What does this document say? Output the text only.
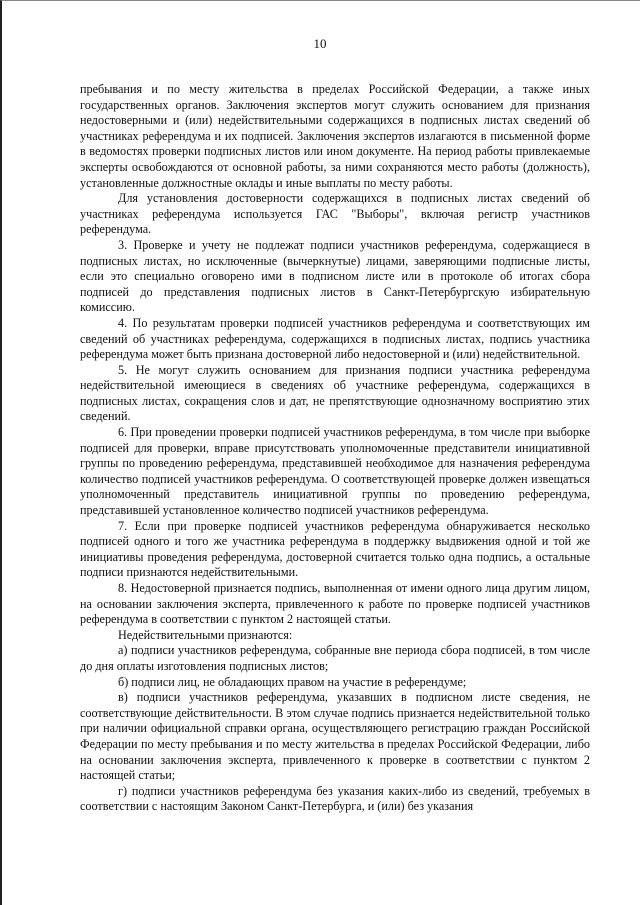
10

пребывания и по месту жительства в пределах Российской Федерации, а также иных государственных органов. Заключения экспертов могут служить основанием для признания недостоверными и (или) недействительными содержащихся в подписных листах сведений об участниках референдума и их подписей. Заключения экспертов излагаются в письменной форме в ведомостях проверки подписных листов или ином документе. На период работы привлекаемые эксперты освобождаются от основной работы, за ними сохраняются место работы (должность), установленные должностные оклады и иные выплаты по месту работы.

Для установления достоверности содержащихся в подписных листах сведений об участниках референдума используется ГАС "Выборы", включая регистр участников референдума.

3. Проверке и учету не подлежат подписи участников референдума, содержащиеся в подписных листах, но исключенные (вычеркнутые) лицами, заверяющими подписные листы, если это специально оговорено ими в подписном листе или в протоколе об итогах сбора подписей до представления подписных листов в Санкт-Петербургскую избирательную комиссию.

4. По результатам проверки подписей участников референдума и соответствующих им сведений об участниках референдума, содержащихся в подписных листах, подпись участника референдума может быть признана достоверной либо недостоверной и (или) недействительной.

5. Не могут служить основанием для признания подписи участника референдума недействительной имеющиеся в сведениях об участнике референдума, содержащихся в подписных листах, сокращения слов и дат, не препятствующие однозначному восприятию этих сведений.

6. При проведении проверки подписей участников референдума, в том числе при выборке подписей для проверки, вправе присутствовать уполномоченные представители инициативной группы по проведению референдума, представившей необходимое для назначения референдума количество подписей участников референдума. О соответствующей проверке должен извещаться уполномоченный представитель инициативной группы по проведению референдума, представившей установленное количество подписей участников референдума.

7. Если при проверке подписей участников референдума обнаруживается несколько подписей одного и того же участника референдума в поддержку выдвижения одной и той же инициативы проведения референдума, достоверной считается только одна подпись, а остальные подписи признаются недействительными.

8. Недостоверной признается подпись, выполненная от имени одного лица другим лицом, на основании заключения эксперта, привлеченного к работе по проверке подписей участников референдума в соответствии с пунктом 2 настоящей статьи.

Недействительными признаются:

а) подписи участников референдума, собранные вне периода сбора подписей, в том числе до дня оплаты изготовления подписных листов;

б) подписи лиц, не обладающих правом на участие в референдуме;

в) подписи участников референдума, указавших в подписном листе сведения, не соответствующие действительности. В этом случае подпись признается недействительной только при наличии официальной справки органа, осуществляющего регистрацию граждан Российской Федерации по месту пребывания и по месту жительства в пределах Российской Федерации, либо на основании заключения эксперта, привлеченного к проверке в соответствии с пунктом 2 настоящей статьи;

г) подписи участников референдума без указания каких-либо из сведений, требуемых в соответствии с настоящим Законом Санкт-Петербурга, и (или) без указания
